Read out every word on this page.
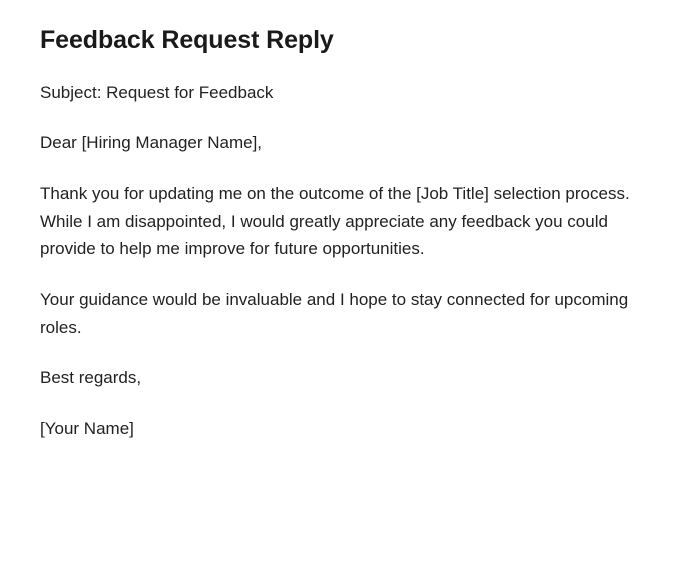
Feedback Request Reply

Subject: Request for Feedback

Dear [Hiring Manager Name],

Thank you for updating me on the outcome of the [Job Title] selection process. While I am disappointed, I would greatly appreciate any feedback you could provide to help me improve for future opportunities.

Your guidance would be invaluable and I hope to stay connected for upcoming roles.

Best regards,

[Your Name]
